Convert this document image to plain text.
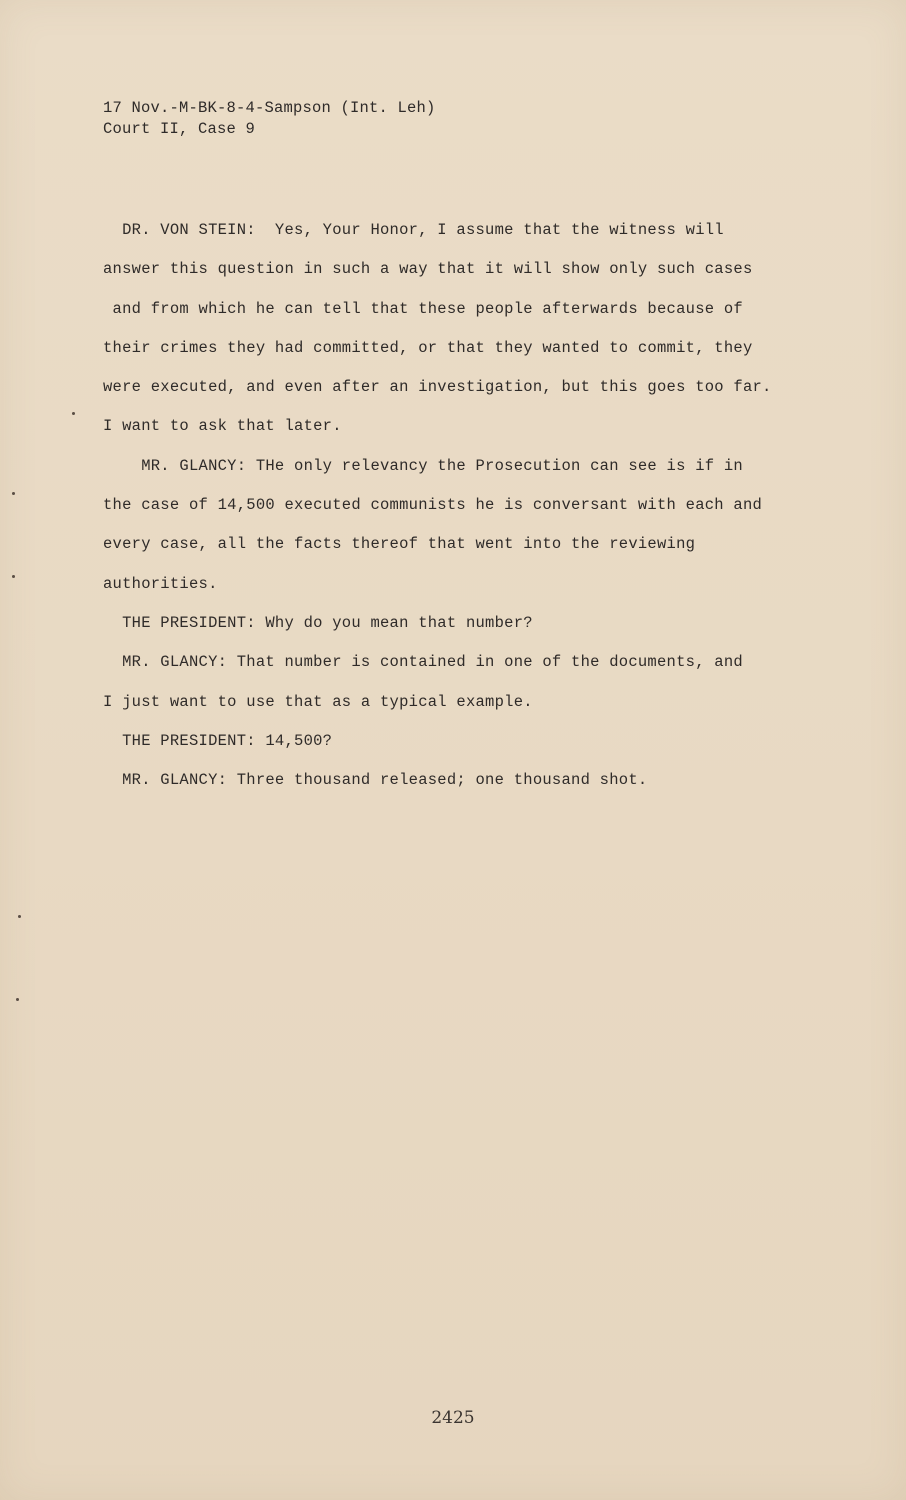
17 Nov.-M-BK-8-4-Sampson (Int. Leh)
Court II, Case 9
DR. VON STEIN:  Yes, Your Honor, I assume that the witness will
answer this question in such a way that it will show only such cases
and from which he can tell that these people afterwards because of
their crimes they had committed, or that they wanted to commit, they
were executed, and even after an investigation, but this goes too far.
I want to ask that later.
MR. GLANCY: THe only relevancy the Prosecution can see is if in
the case of 14,500 executed communists he is conversant with each and
every case, all the facts thereof that went into the reviewing
authorities.
THE PRESIDENT: Why do you mean that number?
MR. GLANCY: That number is contained in one of the documents, and
I just want to use that as a typical example.
THE PRESIDENT: 14,500?
MR. GLANCY: Three thousand released; one thousand shot.
2425
